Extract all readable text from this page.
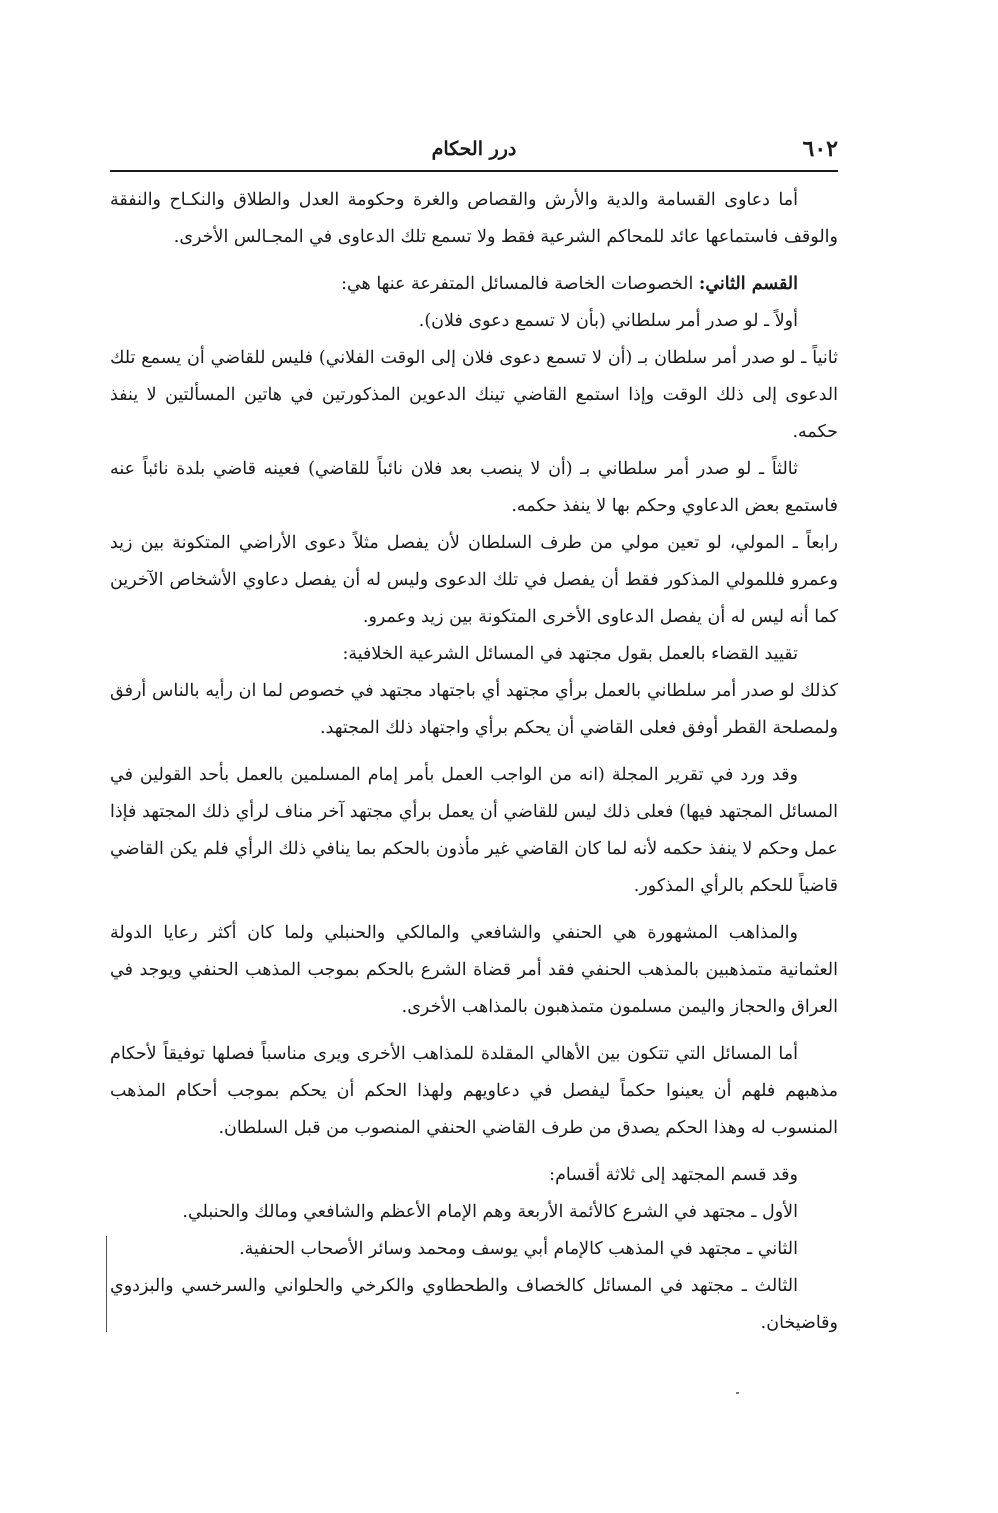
٦٠٢
درر الحكام

أما دعاوى القسامة والدية والأرش والقصاص والغرة وحكومة العدل والطلاق والنكـاح والنفقة والوقف فاستماعها عائد للمحاكم الشرعية فقط ولا تسمع تلك الدعاوى في المجـالس الأخرى.

القسم الثاني: الخصوصات الخاصة فالمسائل المتفرعة عنها هي:

أولاً ـ لو صدر أمر سلطاني (بأن لا تسمع دعوى فلان).

ثانياً ـ لو صدر أمر سلطان بـ (أن لا تسمع دعوى فلان إلى الوقت الفلاني) فليس للقاضي أن يسمع تلك الدعوى إلى ذلك الوقت وإذا استمع القاضي تينك الدعوين المذكورتين في هاتين المسألتين لا ينفذ حكمه.

ثالثاً ـ لو صدر أمر سلطاني بـ (أن لا ينصب بعد فلان نائباً للقاضي) فعينه قاضي بلدة نائباً عنه فاستمع بعض الدعاوي وحكم بها لا ينفذ حكمه.

رابعاً ـ المولي، لو تعين مولي من طرف السلطان لأن يفصل مثلاً دعوى الأراضي المتكونة بين زيد وعمرو فللمولي المذكور فقط أن يفصل في تلك الدعوى وليس له أن يفصل دعاوي الأشخاص الآخرين كما أنه ليس له أن يفصل الدعاوى الأخرى المتكونة بين زيد وعمرو.

تقييد القضاء بالعمل بقول مجتهد في المسائل الشرعية الخلافية:

كذلك لو صدر أمر سلطاني بالعمل برأي مجتهد أي باجتهاد مجتهد في خصوص لما ان رأيه بالناس أرفق ولمصلحة القطر أوفق فعلى القاضي أن يحكم برأي واجتهاد ذلك المجتهد.

وقد ورد في تقرير المجلة (انه من الواجب العمل بأمر إمام المسلمين بالعمل بأحد القولين في المسائل المجتهد فيها) فعلى ذلك ليس للقاضي أن يعمل برأي مجتهد آخر مناف لرأي ذلك المجتهد فإذا عمل وحكم لا ينفذ حكمه لأنه لما كان القاضي غير مأذون بالحكم بما ينافي ذلك الرأي فلم يكن القاضي قاضياً للحكم بالرأي المذكور.

والمذاهب المشهورة هي الحنفي والشافعي والمالكي والحنبلي ولما كان أكثر رعايا الدولة العثمانية متمذهبين بالمذهب الحنفي فقد أمر قضاة الشرع بالحكم بموجب المذهب الحنفي ويوجد في العراق والحجاز واليمن مسلمون متمذهبون بالمذاهب الأخرى.

أما المسائل التي تتكون بين الأهالي المقلدة للمذاهب الأخرى ويرى مناسباً فصلها توفيقاً لأحكام مذهبهم فلهم أن يعينوا حكماً ليفصل في دعاويهم ولهذا الحكم أن يحكم بموجب أحكام المذهب المنسوب له وهذا الحكم يصدق من طرف القاضي الحنفي المنصوب من قبل السلطان.

وقد قسم المجتهد إلى ثلاثة أقسام:

الأول ـ مجتهد في الشرع كالأئمة الأربعة وهم الإمام الأعظم والشافعي ومالك والحنبلي.

الثاني ـ مجتهد في المذهب كالإمام أبي يوسف ومحمد وسائر الأصحاب الحنفية.

الثالث ـ مجتهد في المسائل كالخصاف والطحطاوي والكرخي والحلواني والسرخسي والبزدوي وقاضيخان.
